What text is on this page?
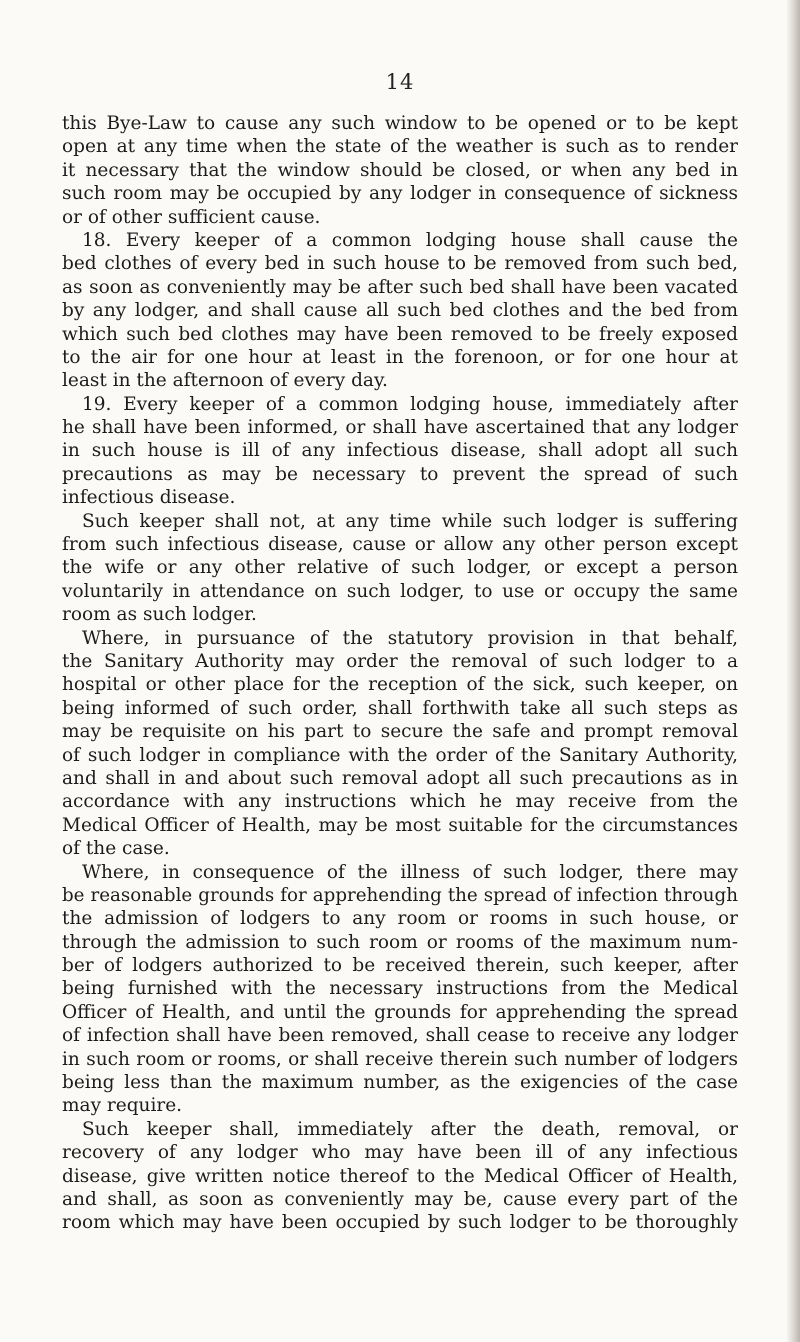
14
this Bye-Law to cause any such window to be opened or to be kept
open at any time when the state of the weather is such as to render
it necessary that the window should be closed, or when any bed in
such room may be occupied by any lodger in consequence of sickness
or of other sufficient cause.
18. Every keeper of a common lodging house shall cause the
bed clothes of every bed in such house to be removed from such bed,
as soon as conveniently may be after such bed shall have been vacated
by any lodger, and shall cause all such bed clothes and the bed from
which such bed clothes may have been removed to be freely exposed
to the air for one hour at least in the forenoon, or for one hour at
least in the afternoon of every day.
19. Every keeper of a common lodging house, immediately after
he shall have been informed, or shall have ascertained that any lodger
in such house is ill of any infectious disease, shall adopt all such
precautions as may be necessary to prevent the spread of such
infectious disease.
Such keeper shall not, at any time while such lodger is suffering
from such infectious disease, cause or allow any other person except
the wife or any other relative of such lodger, or except a person
voluntarily in attendance on such lodger, to use or occupy the same
room as such lodger.
Where, in pursuance of the statutory provision in that behalf,
the Sanitary Authority may order the removal of such lodger to a
hospital or other place for the reception of the sick, such keeper, on
being informed of such order, shall forthwith take all such steps as
may be requisite on his part to secure the safe and prompt removal
of such lodger in compliance with the order of the Sanitary Authority,
and shall in and about such removal adopt all such precautions as in
accordance with any instructions which he may receive from the
Medical Officer of Health, may be most suitable for the circumstances
of the case.
Where, in consequence of the illness of such lodger, there may
be reasonable grounds for apprehending the spread of infection through
the admission of lodgers to any room or rooms in such house, or
through the admission to such room or rooms of the maximum num-
ber of lodgers authorized to be received therein, such keeper, after
being furnished with the necessary instructions from the Medical
Officer of Health, and until the grounds for apprehending the spread
of infection shall have been removed, shall cease to receive any lodger
in such room or rooms, or shall receive therein such number of lodgers
being less than the maximum number, as the exigencies of the case
may require.
Such keeper shall, immediately after the death, removal, or
recovery of any lodger who may have been ill of any infectious
disease, give written notice thereof to the Medical Officer of Health,
and shall, as soon as conveniently may be, cause every part of the
room which may have been occupied by such lodger to be thoroughly
